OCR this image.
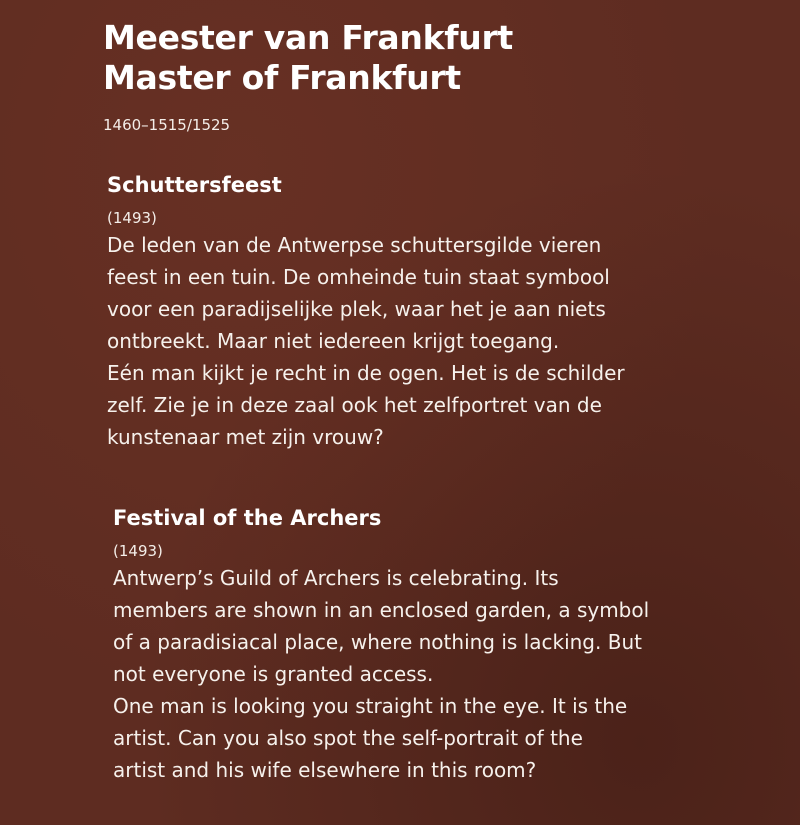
Meester van Frankfurt
Master of Frankfurt
1460–1515/1525
Schuttersfeest
(1493)
De leden van de Antwerpse schuttersgilde vieren
feest in een tuin. De omheinde tuin staat symbool
voor een paradijselijke plek, waar het je aan niets
ontbreekt. Maar niet iedereen krijgt toegang.
Eén man kijkt je recht in de ogen. Het is de schilder
zelf. Zie je in deze zaal ook het zelfportret van de
kunstenaar met zijn vrouw?
Festival of the Archers
(1493)
Antwerp’s Guild of Archers is celebrating. Its
members are shown in an enclosed garden, a symbol
of a paradisiacal place, where nothing is lacking. But
not everyone is granted access.
One man is looking you straight in the eye. It is the
artist. Can you also spot the self-portrait of the
artist and his wife elsewhere in this room?
